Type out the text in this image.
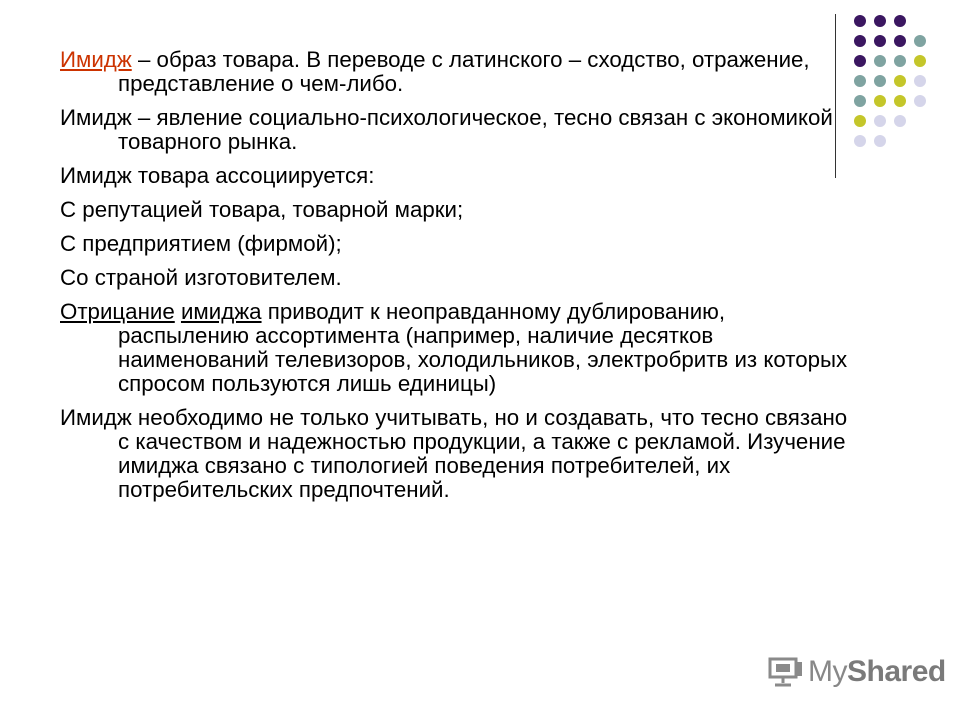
Имидж – образ товара. В переводе с латинского – сходство, отражение, представление о чем-либо.

Имидж – явление социально-психологическое, тесно связан с экономикой товарного рынка.

Имидж товара ассоциируется:

С репутацией товара, товарной марки;

С предприятием (фирмой);

Со страной изготовителем.

Отрицание имиджа приводит к неоправданному дублированию, распылению ассортимента (например, наличие десятков наименований телевизоров, холодильников, электробритв из которых спросом пользуются лишь единицы)

Имидж необходимо не только учитывать, но и создавать, что тесно связано с качеством и надежностью продукции, а также с рекламой. Изучение имиджа связано с типологией поведения потребителей, их потребительских предпочтений.

MyShared
